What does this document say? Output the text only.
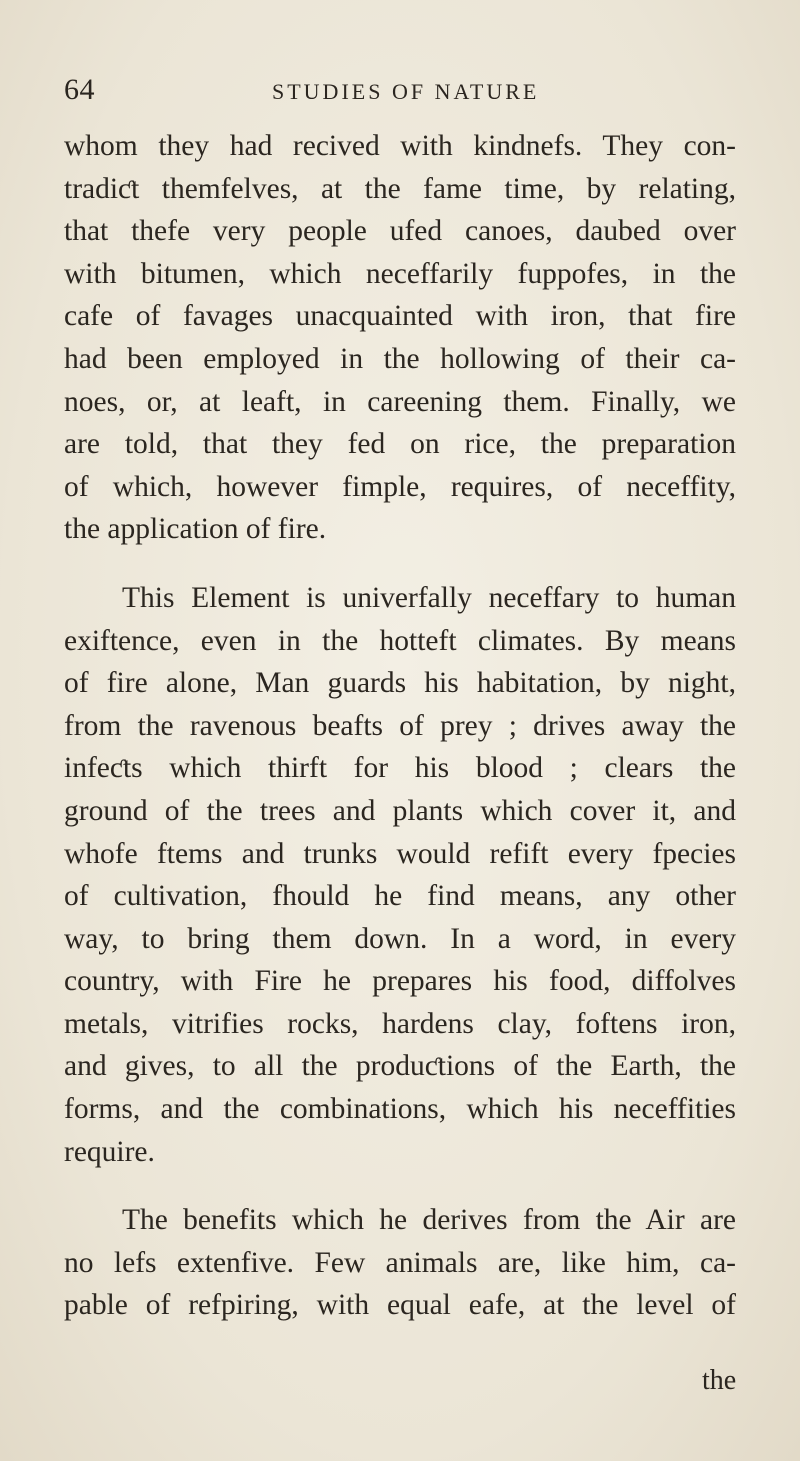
64	STUDIES OF NATURE
whom they had recived with kindnefs. They con-
tradiƈt themfelves, at the fame time, by relating,
that thefe very people ufed canoes, daubed over
with bitumen, which neceffarily fuppofes, in the
cafe of favages unacquainted with iron, that fire
had been employed in the hollowing of their ca-
noes, or, at leaft, in careening them. Finally, we
are told, that they fed on rice, the preparation
of which, however fimple, requires, of neceffity,
the application of fire.
This Element is univerfally neceffary to human
exiftence, even in the hotteft climates. By means
of fire alone, Man guards his habitation, by night,
from the ravenous beafts of prey ; drives away the
infeƈts which thirft for his blood ; clears the
ground of the trees and plants which cover it, and
whofe ftems and trunks would refift every fpecies
of cultivation, fhould he find means, any other
way, to bring them down. In a word, in every
country, with Fire he prepares his food, diffolves
metals, vitrifies rocks, hardens clay, foftens iron,
and gives, to all the produƈtions of the Earth, the
forms, and the combinations, which his neceffities
require.
The benefits which he derives from the Air are
no lefs extenfive. Few animals are, like him, ca-
pable of refpiring, with equal eafe, at the level of
the
